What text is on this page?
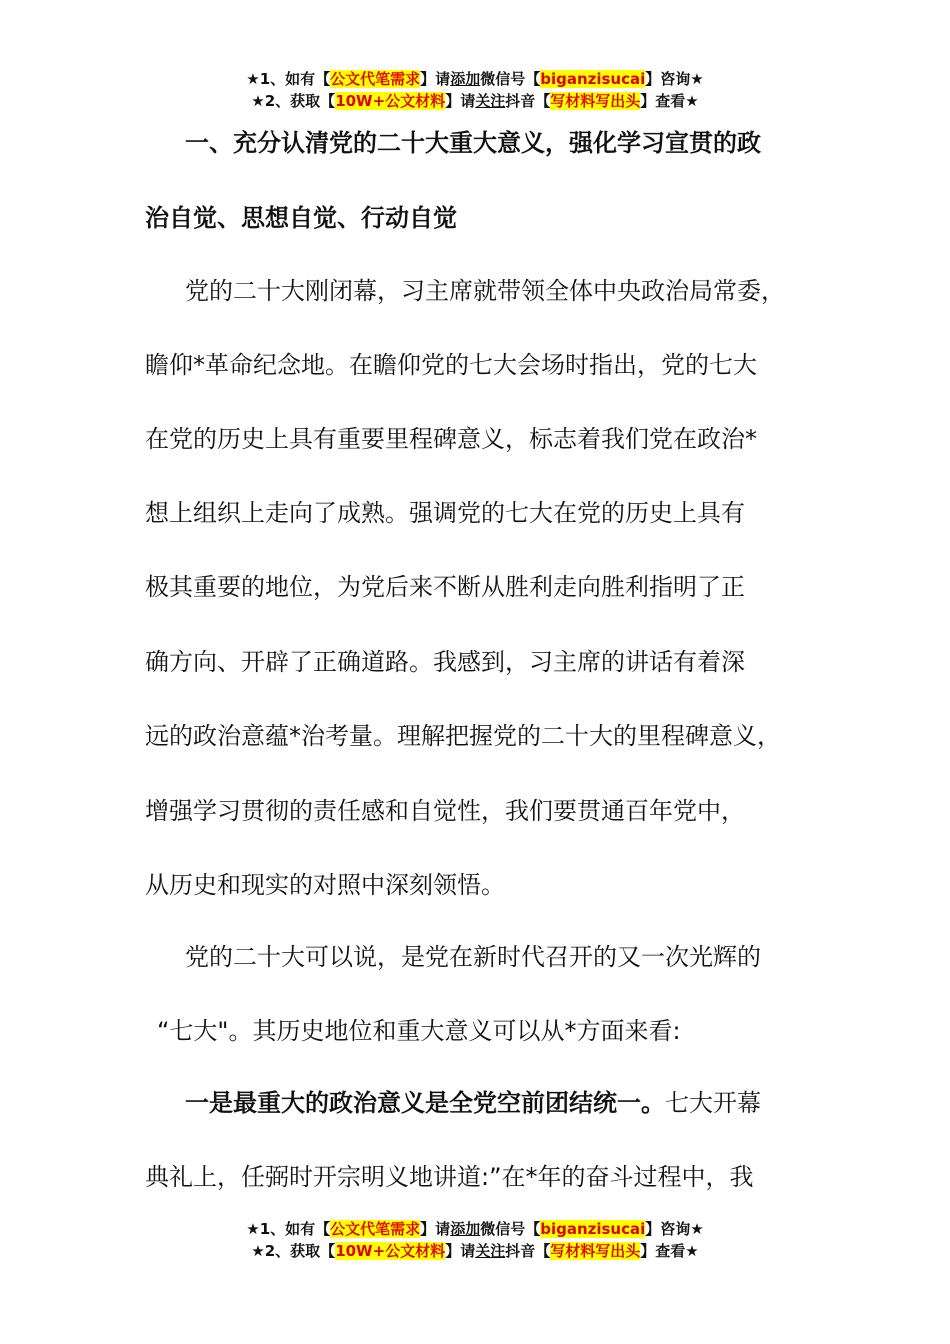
★1、如有【公文代笔需求】请添加微信号【biganzisucai】咨询★
★2、获取【10W+公文材料】请关注抖音【写材料写出头】查看★
一、充分认清党的二十大重大意义，强化学习宣贯的政
治自觉、思想自觉、行动自觉
党的二十大刚闭幕，习主席就带领全体中央政治局常委，
瞻仰*革命纪念地。在瞻仰党的七大会场时指出，党的七大
在党的历史上具有重要里程碑意义，标志着我们党在政治*
想上组织上走向了成熟。强调党的七大在党的历史上具有
极其重要的地位，为党后来不断从胜利走向胜利指明了正
确方向、开辟了正确道路。我感到，习主席的讲话有着深
远的政治意蕴*治考量。理解把握党的二十大的里程碑意义，
增强学习贯彻的责任感和自觉性，我们要贯通百年党中，
从历史和现实的对照中深刻领悟。
党的二十大可以说，是党在新时代召开的又一次光辉的
“七大"。其历史地位和重大意义可以从*方面来看:
一是最重大的政治意义是全党空前团结统一。七大开幕
典礼上，任弼时开宗明义地讲道:”在*年的奋斗过程中，我
★1、如有【公文代笔需求】请添加微信号【biganzisucai】咨询★
★2、获取【10W+公文材料】请关注抖音【写材料写出头】查看★
